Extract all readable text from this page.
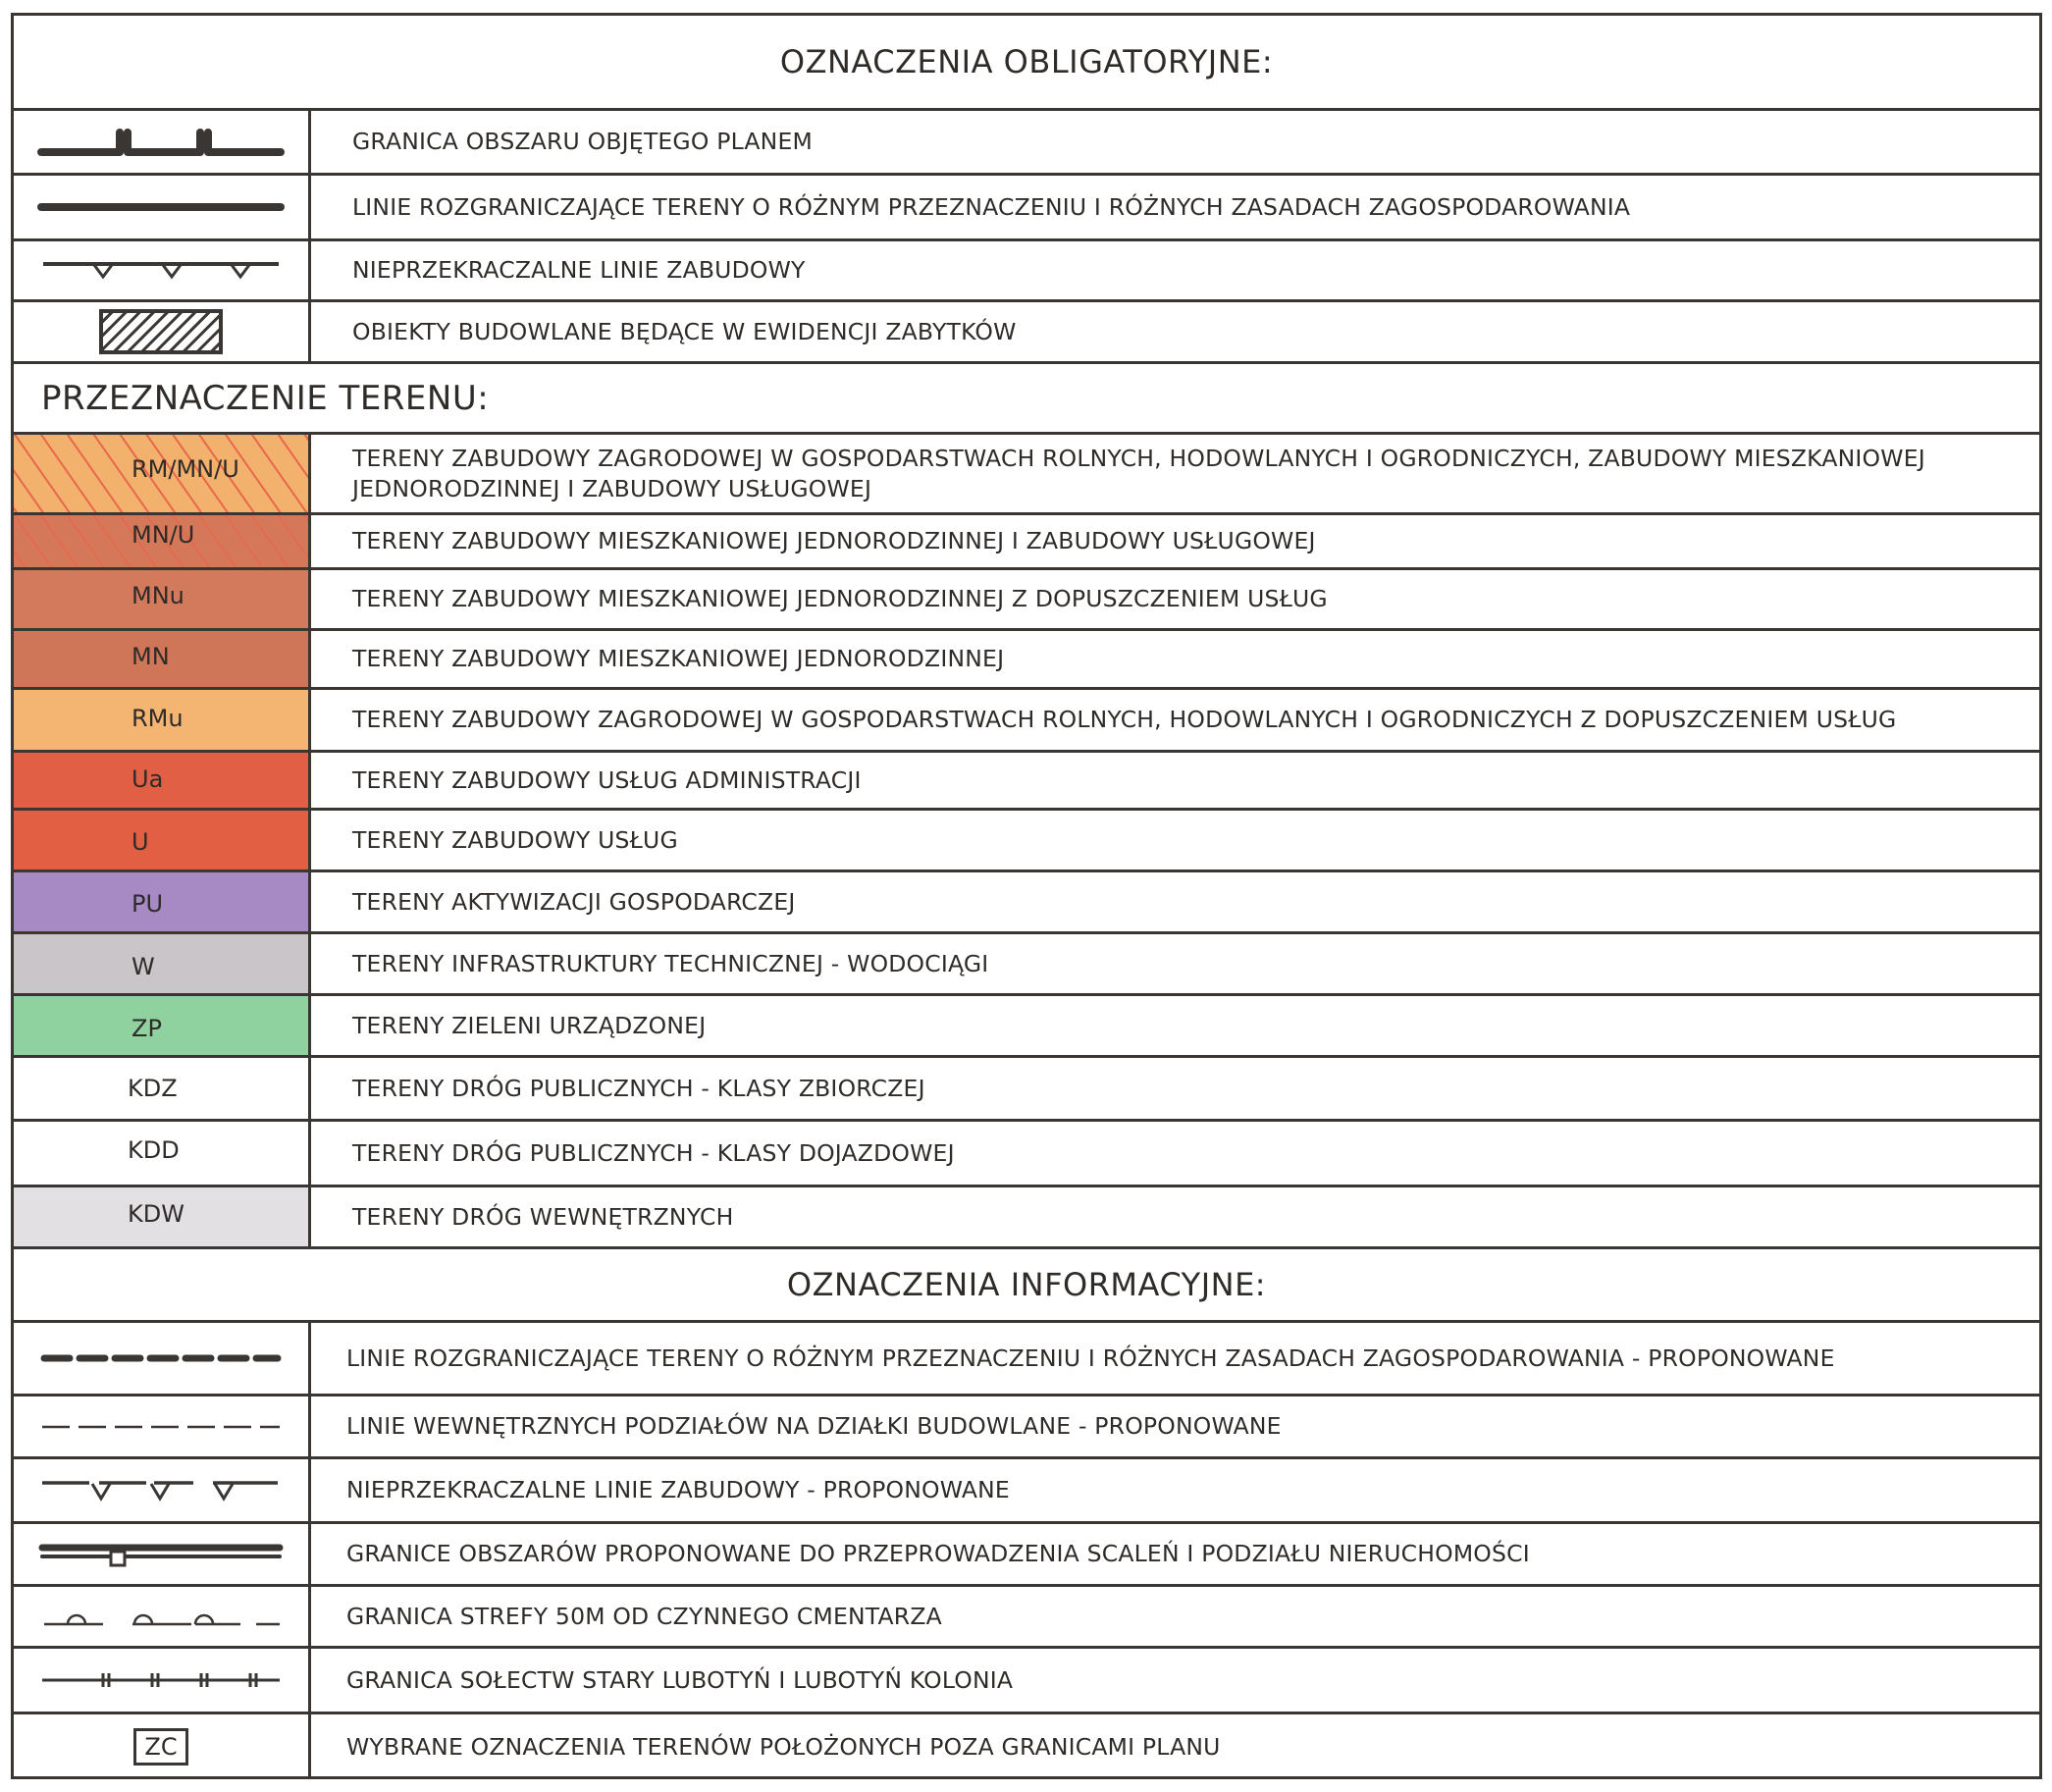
OZNACZENIA OBLIGATORYJNE:
GRANICA OBSZARU OBJĘTEGO PLANEM
LINIE ROZGRANICZAJĄCE TERENY O RÓŻNYM PRZEZNACZENIU I RÓŻNYCH ZASADACH ZAGOSPODAROWANIA
NIEPRZEKRACZALNE LINIE ZABUDOWY
OBIEKTY BUDOWLANE BĘDĄCE W EWIDENCJI ZABYTKÓW
PRZEZNACZENIE TERENU:
RM/MN/U	TERENY ZABUDOWY ZAGRODOWEJ W GOSPODARSTWACH ROLNYCH, HODOWLANYCH I OGRODNICZYCH, ZABUDOWY MIESZKANIOWEJ
JEDNORODZINNEJ I ZABUDOWY USŁUGOWEJ
MN/U	TERENY ZABUDOWY MIESZKANIOWEJ JEDNORODZINNEJ I ZABUDOWY USŁUGOWEJ
MNu	TERENY ZABUDOWY MIESZKANIOWEJ JEDNORODZINNEJ Z DOPUSZCZENIEM USŁUG
MN	TERENY ZABUDOWY MIESZKANIOWEJ JEDNORODZINNEJ
RMu	TERENY ZABUDOWY ZAGRODOWEJ W GOSPODARSTWACH ROLNYCH, HODOWLANYCH I OGRODNICZYCH Z DOPUSZCZENIEM USŁUG
Ua	TERENY ZABUDOWY USŁUG ADMINISTRACJI
U	TERENY ZABUDOWY USŁUG
PU	TERENY AKTYWIZACJI GOSPODARCZEJ
W	TERENY INFRASTRUKTURY TECHNICZNEJ - WODOCIĄGI
ZP	TERENY ZIELENI URZĄDZONEJ
KDZ	TERENY DRÓG PUBLICZNYCH - KLASY ZBIORCZEJ
KDD	TERENY DRÓG PUBLICZNYCH - KLASY DOJAZDOWEJ
KDW	TERENY DRÓG WEWNĘTRZNYCH
OZNACZENIA INFORMACYJNE:
LINIE ROZGRANICZAJĄCE TERENY O RÓŻNYM PRZEZNACZENIU I RÓŻNYCH ZASADACH ZAGOSPODAROWANIA - PROPONOWANE
LINIE WEWNĘTRZNYCH PODZIAŁÓW NA DZIAŁKI BUDOWLANE - PROPONOWANE
NIEPRZEKRACZALNE LINIE ZABUDOWY - PROPONOWANE
GRANICE OBSZARÓW PROPONOWANE DO PRZEPROWADZENIA SCALEŃ I PODZIAŁU NIERUCHOMOŚCI
GRANICA STREFY 50M OD CZYNNEGO CMENTARZA
GRANICA SOŁECTW STARY LUBOTYŃ I LUBOTYŃ KOLONIA
ZC	WYBRANE OZNACZENIA TERENÓW POŁOŻONYCH POZA GRANICAMI PLANU
